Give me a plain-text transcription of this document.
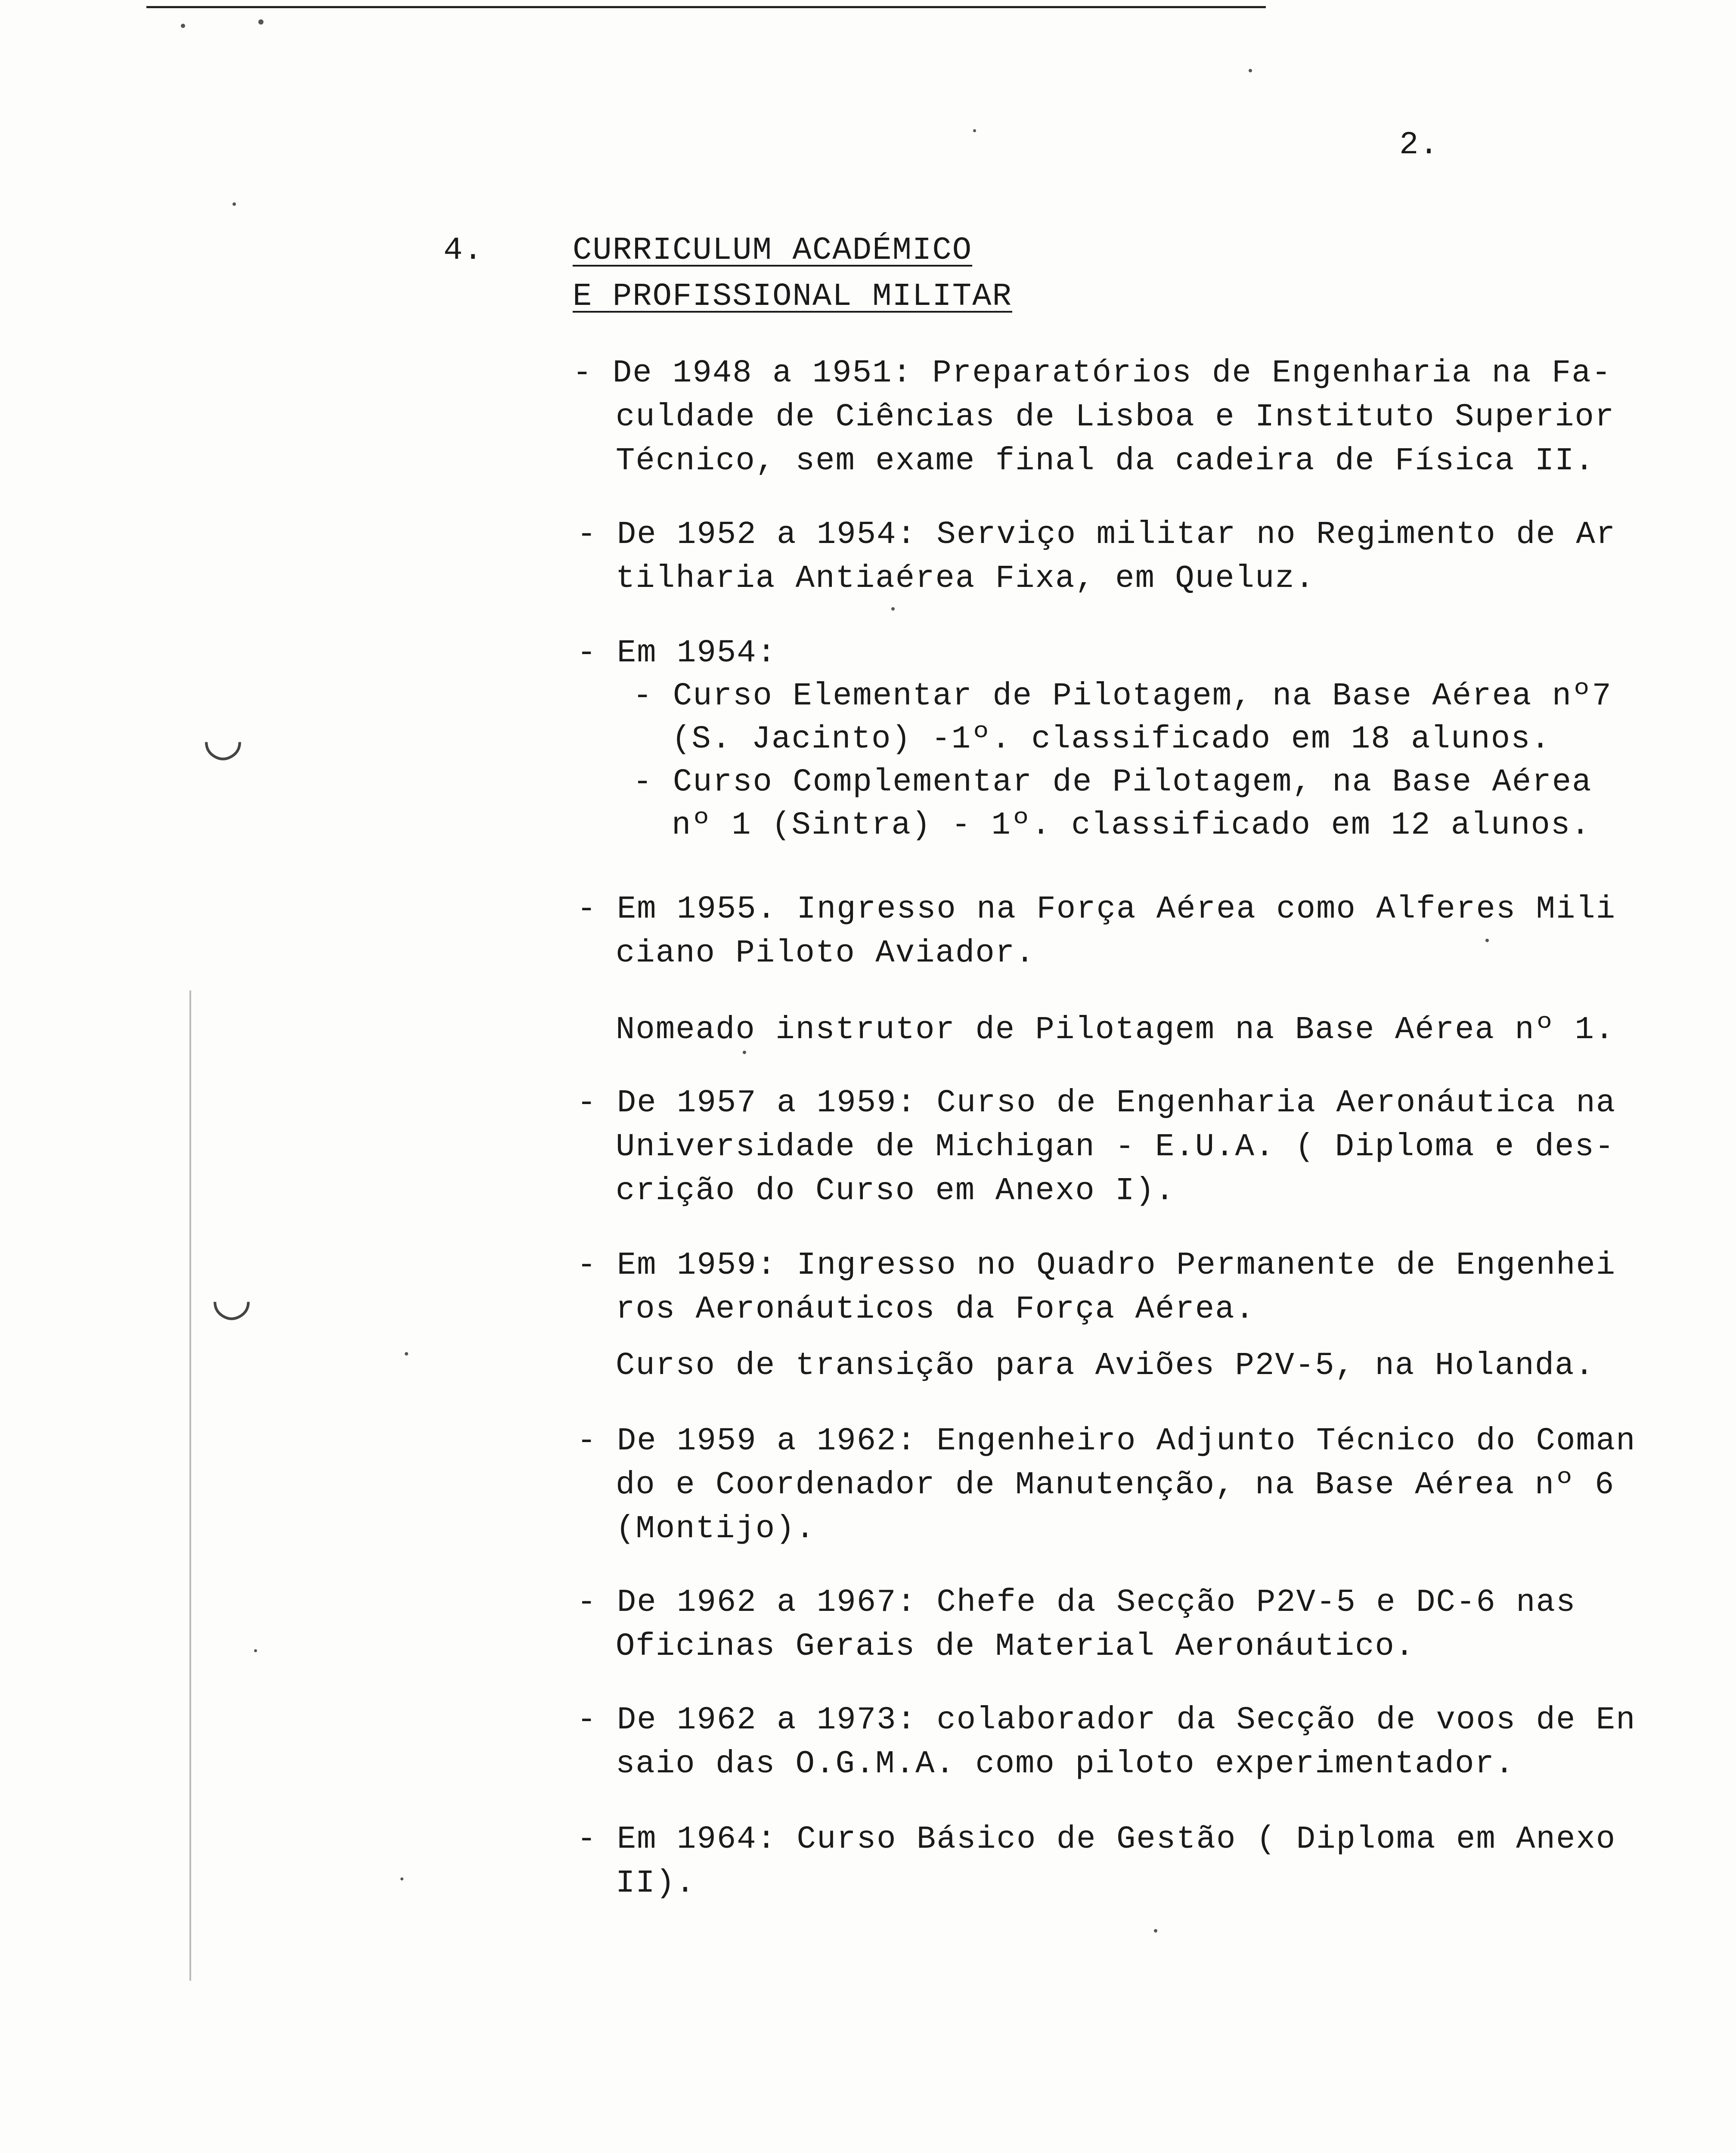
◡
◡
2.
4.	CURRICULUM ACADÉMICO
E PROFISSIONAL MILITAR
- De 1948 a 1951: Preparatórios de Engenharia na Fa-
culdade de Ciências de Lisboa e Instituto Superior
Técnico, sem exame final da cadeira de Física II.
- De 1952 a 1954: Serviço militar no Regimento de Ar
tilharia Antiaérea Fixa, em Queluz.
- Em 1954:
- Curso Elementar de Pilotagem, na Base Aérea nº7
(S. Jacinto) -1º. classificado em 18 alunos.
- Curso Complementar de Pilotagem, na Base Aérea
nº 1 (Sintra) - 1º. classificado em 12 alunos.
- Em 1955. Ingresso na Força Aérea como Alferes Mili
ciano Piloto Aviador.
Nomeado instrutor de Pilotagem na Base Aérea nº 1.
- De 1957 a 1959: Curso de Engenharia Aeronáutica na
Universidade de Michigan - E.U.A. ( Diploma e des-
crição do Curso em Anexo I).
- Em 1959: Ingresso no Quadro Permanente de Engenhei
ros Aeronáuticos da Força Aérea.
Curso de transição para Aviões P2V-5, na Holanda.
- De 1959 a 1962: Engenheiro Adjunto Técnico do Coman
do e Coordenador de Manutenção, na Base Aérea nº 6
(Montijo).
- De 1962 a 1967: Chefe da Secção P2V-5 e DC-6 nas
Oficinas Gerais de Material Aeronáutico.
- De 1962 a 1973: colaborador da Secção de voos de En
saio das O.G.M.A. como piloto experimentador.
- Em 1964: Curso Básico de Gestão ( Diploma em Anexo
II).
